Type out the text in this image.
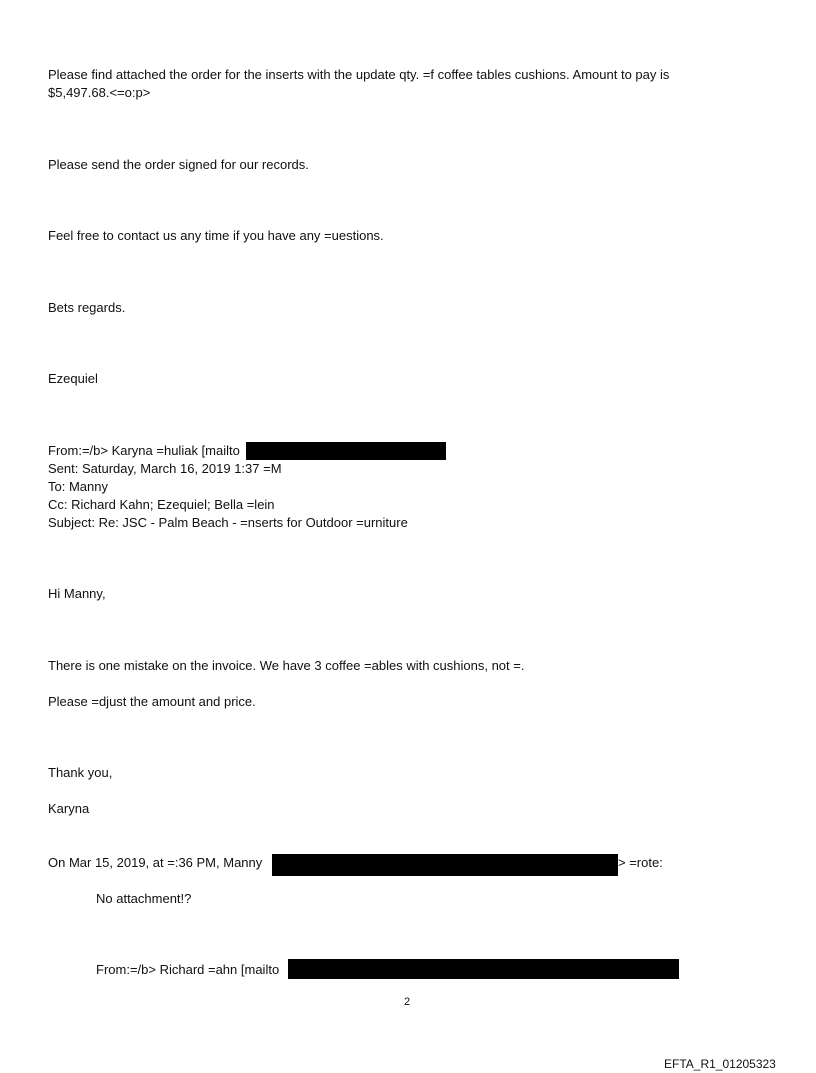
Please find attached the order for the inserts with the update qty. =f coffee tables cushions. Amount to pay is
$5,497.68.<=o:p>
Please send the order signed for our records.
Feel free to contact us any time if you have any =uestions.
Bets regards.
Ezequiel
From:=/b> Karyna =huliak [mailto
Sent: Saturday, March 16, 2019 1:37 =M
To: Manny
Cc: Richard Kahn; Ezequiel; Bella =lein
Subject: Re: JSC - Palm Beach - =nserts for Outdoor =urniture
Hi Manny,
There is one mistake on the invoice. We have 3 coffee =ables with cushions, not =.
Please =djust the amount and price.
Thank you,
Karyna
On Mar 15, 2019, at =:36 PM, Manny	> =rote:
No attachment!?
From:=/b> Richard =ahn [mailto
2
EFTA_R1_01205323
